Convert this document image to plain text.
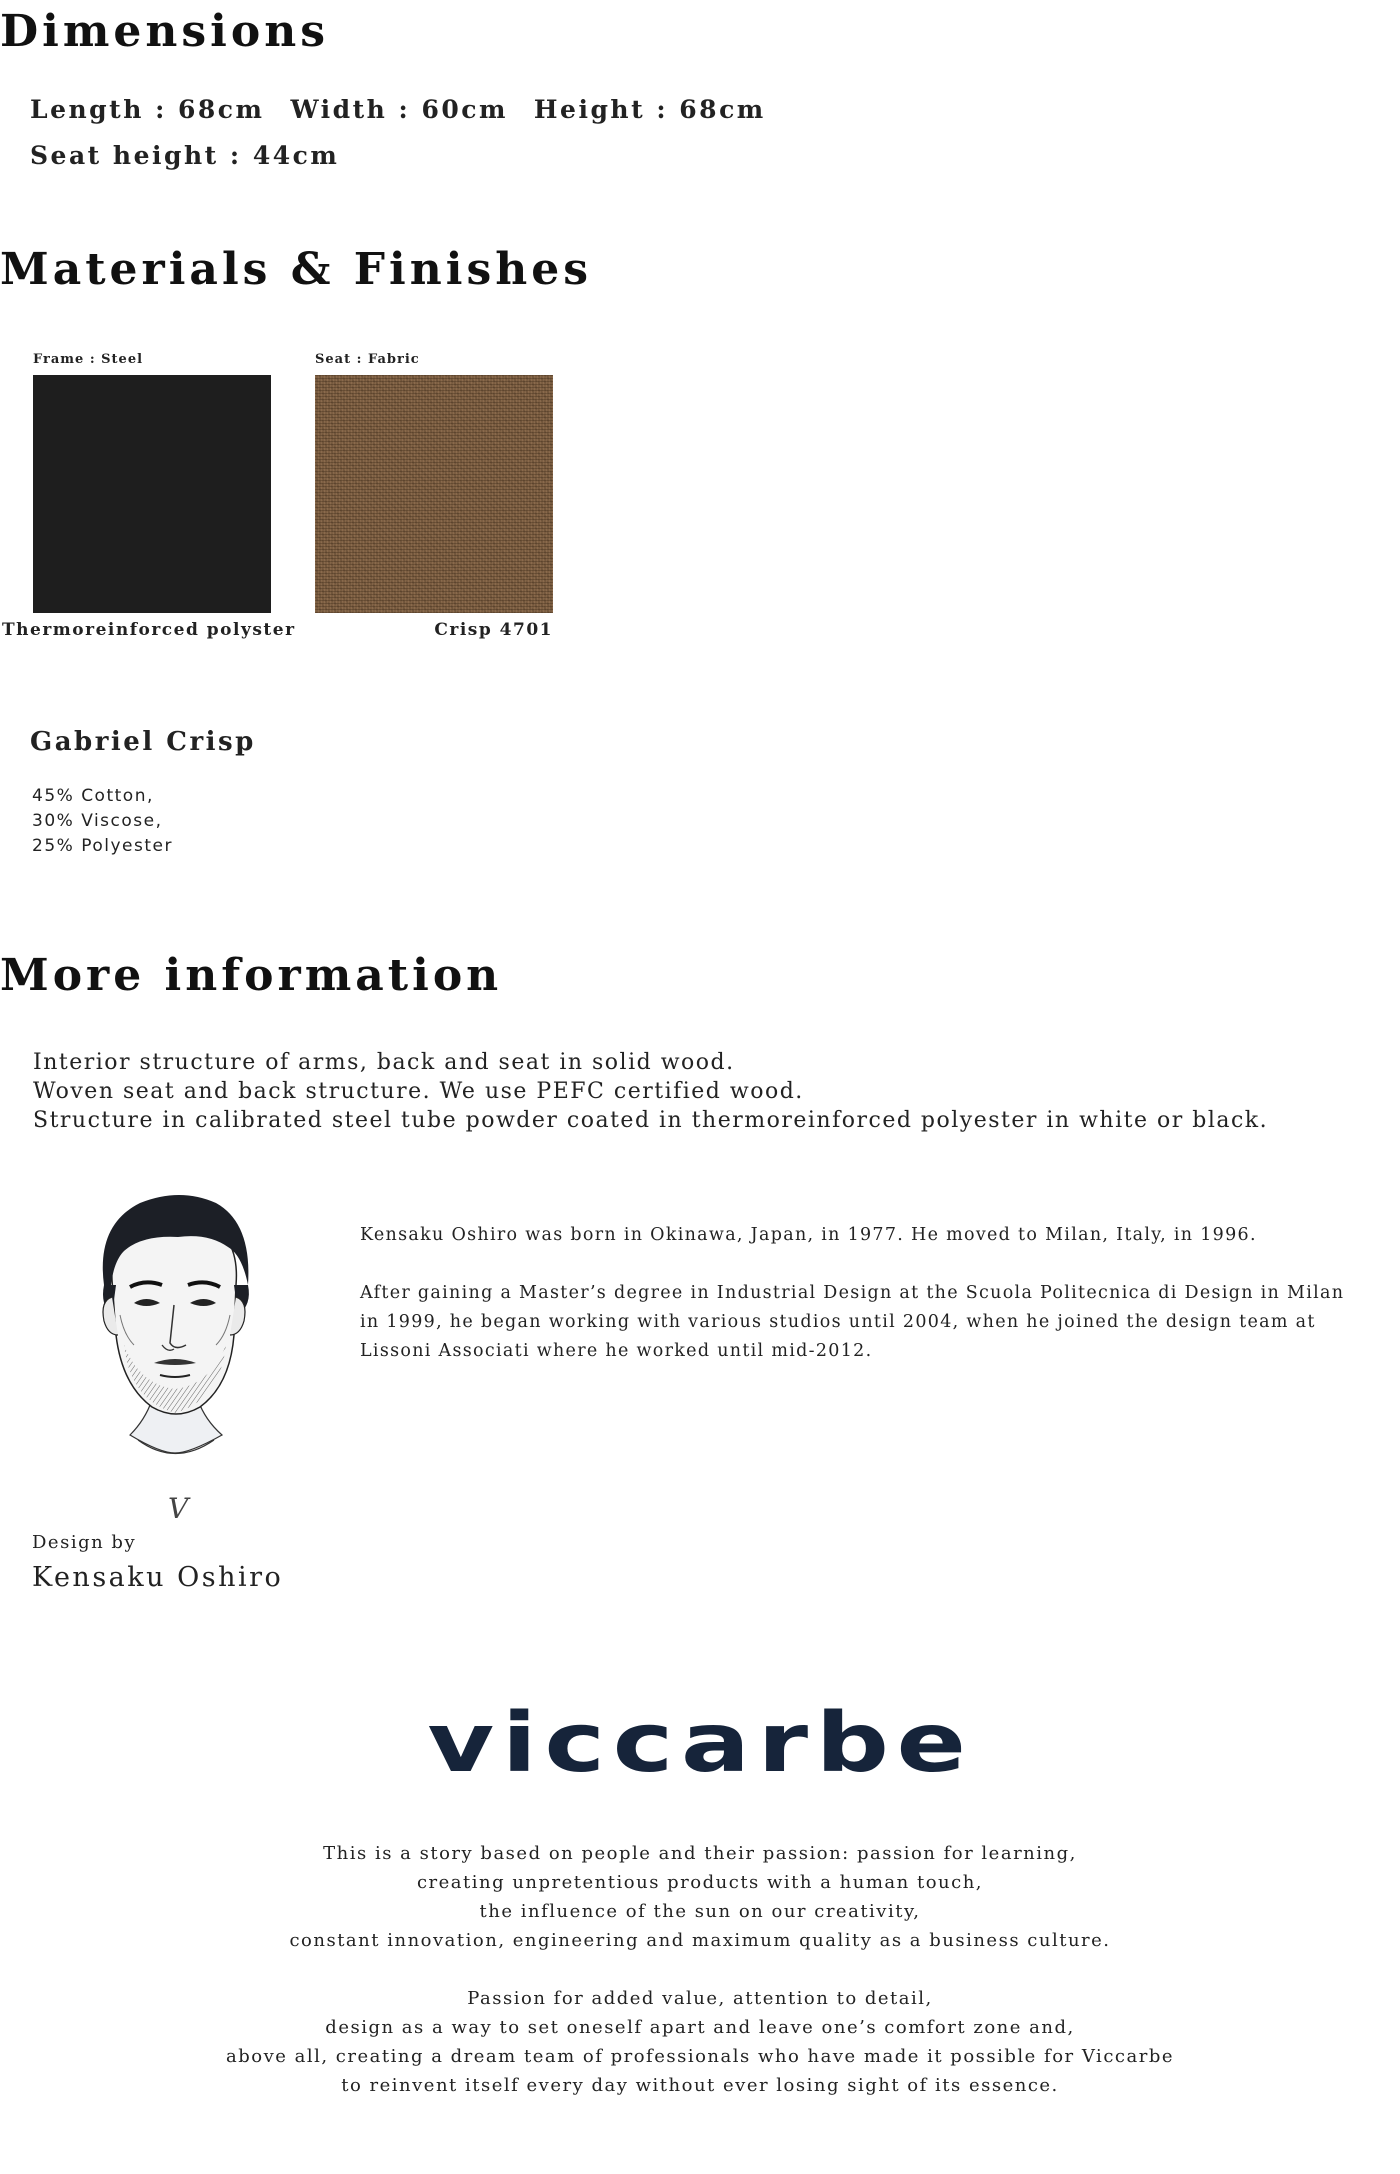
Dimensions
Length : 68cm Width : 60cm Height : 68cm
Seat height : 44cm
Materials & Finishes
Frame : Steel
Thermoreinforced polyster
Seat : Fabric
Crisp 4701
Gabriel Crisp
45% Cotton,
30% Viscose,
25% Polyester
More information
Interior structure of arms, back and seat in solid wood.
Woven seat and back structure. We use PEFC certified wood.
Structure in calibrated steel tube powder coated in thermoreinforced polyester in white or black.
V

Kensaku Oshiro was born in Okinawa, Japan, in 1977. He moved to Milan, Italy, in 1996.

After gaining a Master’s degree in Industrial Design at the Scuola Politecnica di Design in Milan in 1999, he began working with various studios until 2004, when he joined the design team at Lissoni Associati where he worked until mid-2012.

Design by
Kensaku Oshiro
viccarbe
This is a story based on people and their passion: passion for learning,
creating unpretentious products with a human touch,
the influence of the sun on our creativity,
constant innovation, engineering and maximum quality as a business culture.
Passion for added value, attention to detail,
design as a way to set oneself apart and leave one’s comfort zone and,
above all, creating a dream team of professionals who have made it possible for Viccarbe
to reinvent itself every day without ever losing sight of its essence.
